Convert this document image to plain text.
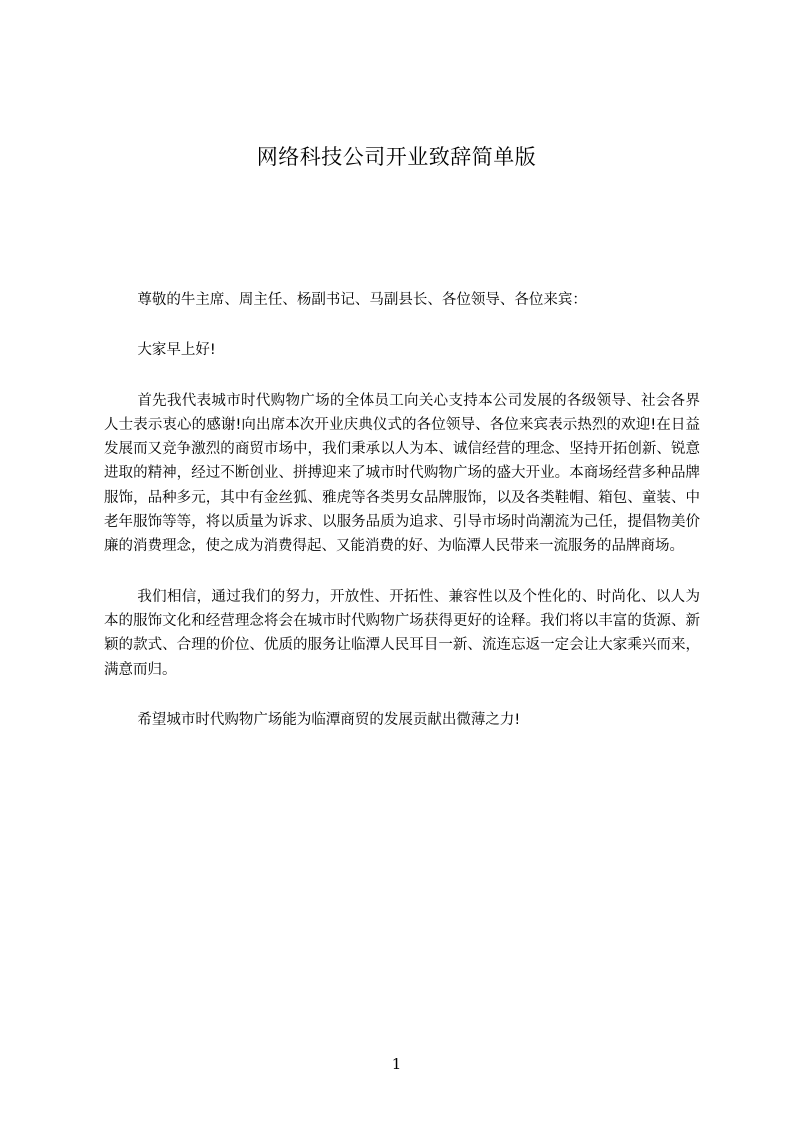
网络科技公司开业致辞简单版

尊敬的牛主席、周主任、杨副书记、马副县长、各位领导、各位来宾：

大家早上好!

首先我代表城市时代购物广场的全体员工向关心支持本公司发展的各级领导、社会各界人士表示衷心的感谢!向出席本次开业庆典仪式的各位领导、各位来宾表示热烈的欢迎!在日益发展而又竞争激烈的商贸市场中，我们秉承以人为本、诚信经营的理念、坚持开拓创新、锐意进取的精神，经过不断创业、拼搏迎来了城市时代购物广场的盛大开业。本商场经营多种品牌服饰，品种多元，其中有金丝狐、雅虎等各类男女品牌服饰，以及各类鞋帽、箱包、童装、中老年服饰等等，将以质量为诉求、以服务品质为追求、引导市场时尚潮流为己任，提倡物美价廉的消费理念，使之成为消费得起、又能消费的好、为临潭人民带来一流服务的品牌商场。

我们相信，通过我们的努力，开放性、开拓性、兼容性以及个性化的、时尚化、以人为本的服饰文化和经营理念将会在城市时代购物广场获得更好的诠释。我们将以丰富的货源、新颖的款式、合理的价位、优质的服务让临潭人民耳目一新、流连忘返一定会让大家乘兴而来，满意而归。

希望城市时代购物广场能为临潭商贸的发展贡献出微薄之力!

1
